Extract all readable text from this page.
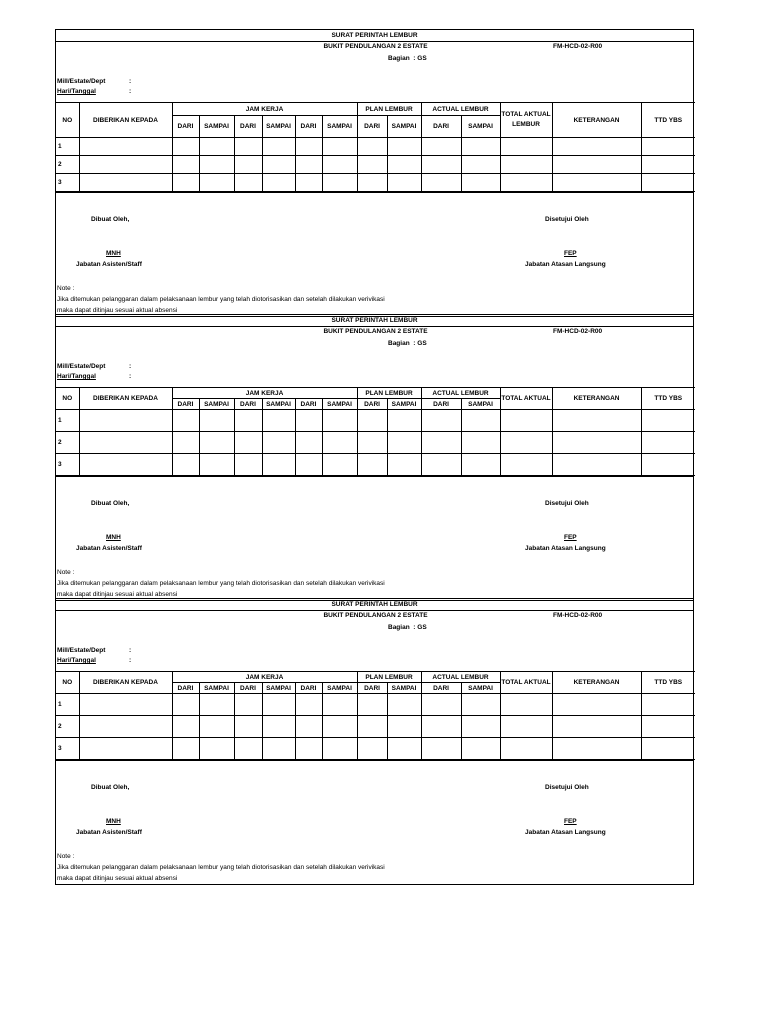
SURAT PERINTAH LEMBUR
BUKIT PENDULANGAN 2 ESTATE	FM-HCD-02-R00
Bagian : GS
Mill/Estate/Dept	:
Hari/Tanggal	:
NO	DIBERIKAN KEPADA	JAM KERJA						PLAN LEMBUR		ACTUAL LEMBUR		TOTAL AKTUAL LEMBUR	KETERANGAN	TTD YBS
		DARI	SAMPAI	DARI	SAMPAI	DARI	SAMPAI	DARI	SAMPAI	DARI	SAMPAI			
1														
2														
3														
Dibuat Oleh,	Disetujui Oleh
MNH
Jabatan Asisten/Staff
FEP
Jabatan Atasan Langsung
Note :
Jika ditemukan pelanggaran dalam pelaksanaan lembur yang telah diotorisasikan dan setelah dilakukan verivikasi
maka dapat ditinjau sesuai aktual absensi
SURAT PERINTAH LEMBUR
BUKIT PENDULANGAN 2 ESTATE	FM-HCD-02-R00
Bagian : GS
Mill/Estate/Dept	:
Hari/Tanggal	:
NO	DIBERIKAN KEPADA	JAM KERJA						PLAN LEMBUR		ACTUAL LEMBUR		TOTAL AKTUAL	KETERANGAN	TTD YBS
		DARI	SAMPAI	DARI	SAMPAI	DARI	SAMPAI	DARI	SAMPAI	DARI	SAMPAI			
1														
2														
3														
Dibuat Oleh,	Disetujui Oleh
MNH
Jabatan Asisten/Staff
FEP
Jabatan Atasan Langsung
Note :
Jika ditemukan pelanggaran dalam pelaksanaan lembur yang telah diotorisasikan dan setelah dilakukan verivikasi
maka dapat ditinjau sesuai aktual absensi
SURAT PERINTAH LEMBUR
BUKIT PENDULANGAN 2 ESTATE	FM-HCD-02-R00
Bagian : GS
Mill/Estate/Dept	:
Hari/Tanggal	:
NO	DIBERIKAN KEPADA	JAM KERJA						PLAN LEMBUR		ACTUAL LEMBUR		TOTAL AKTUAL	KETERANGAN	TTD YBS
		DARI	SAMPAI	DARI	SAMPAI	DARI	SAMPAI	DARI	SAMPAI	DARI	SAMPAI			
1														
2														
3														
Dibuat Oleh,	Disetujui Oleh
MNH
Jabatan Asisten/Staff
FEP
Jabatan Atasan Langsung
Note :
Jika ditemukan pelanggaran dalam pelaksanaan lembur yang telah diotorisasikan dan setelah dilakukan verivikasi
maka dapat ditinjau sesuai aktual absensi
